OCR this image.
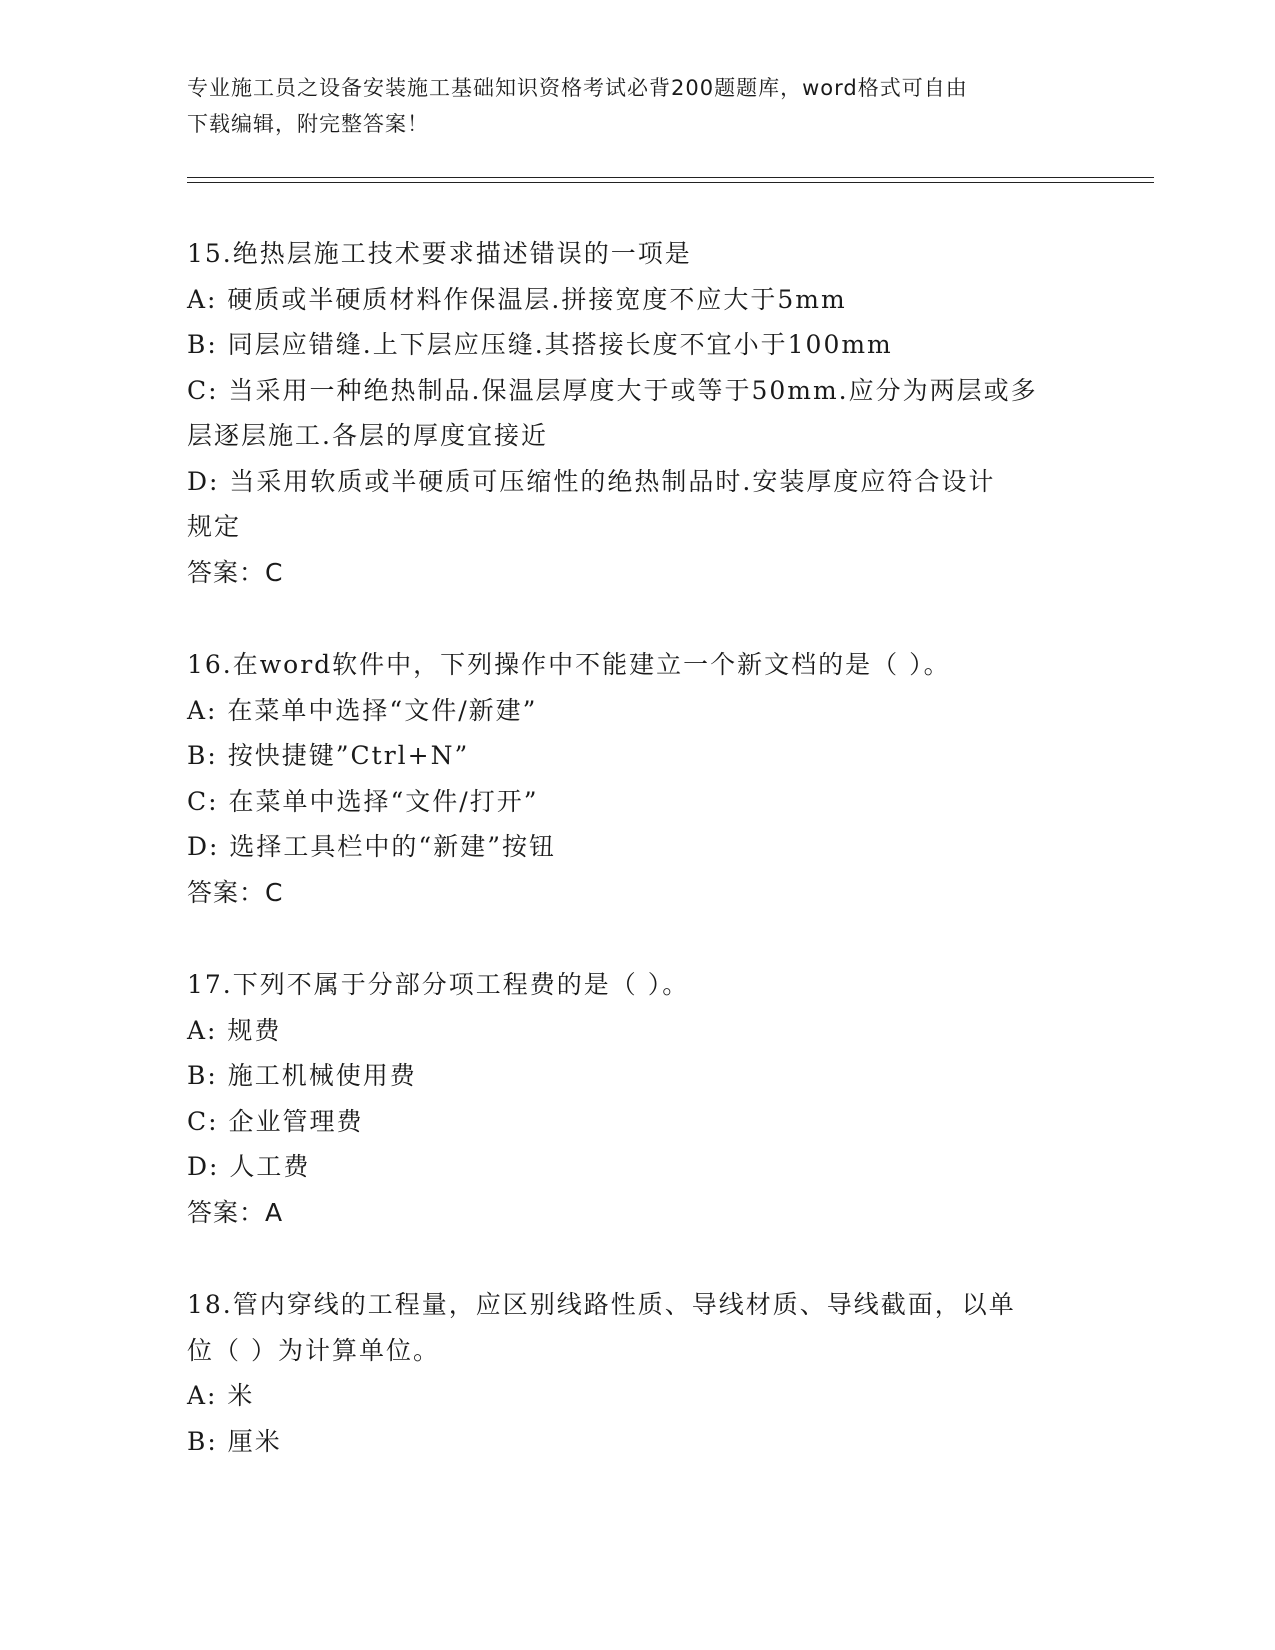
专业施工员之设备安装施工基础知识资格考试必背200题题库，word格式可自由
下载编辑，附完整答案！
15.绝热层施工技术要求描述错误的一项是
A: 硬质或半硬质材料作保温层.拼接宽度不应大于5mm
B: 同层应错缝.上下层应压缝.其搭接长度不宜小于100mm
C: 当采用一种绝热制品.保温层厚度大于或等于50mm.应分为两层或多
层逐层施工.各层的厚度宜接近
D: 当采用软质或半硬质可压缩性的绝热制品时.安装厚度应符合设计
规定
答案：C
16.在word软件中，下列操作中不能建立一个新文档的是（ ）。
A: 在菜单中选择“文件/新建”
B: 按快捷键”Ctrl+N”
C: 在菜单中选择“文件/打开”
D: 选择工具栏中的“新建”按钮
答案：C
17.下列不属于分部分项工程费的是（ ）。
A: 规费
B: 施工机械使用费
C: 企业管理费
D: 人工费
答案：A
18.管内穿线的工程量，应区别线路性质、导线材质、导线截面，以单
位（ ）为计算单位。
A: 米
B: 厘米
